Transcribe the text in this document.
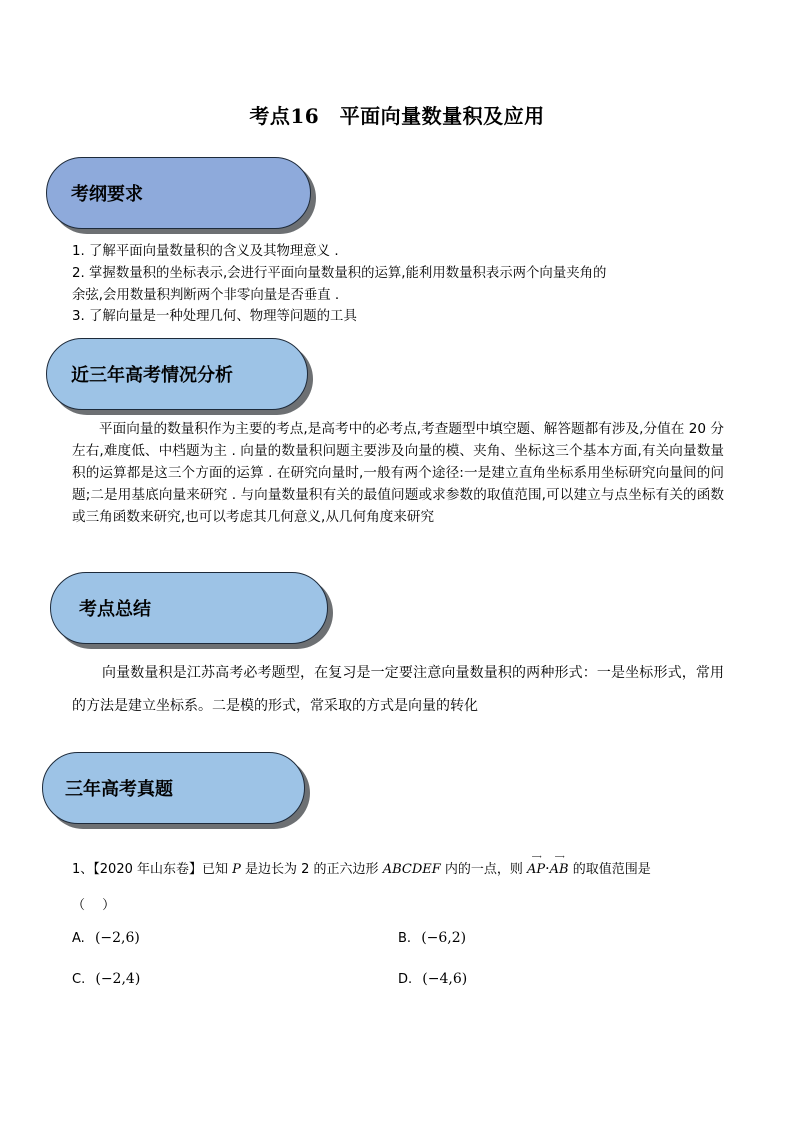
考点16　平面向量数量积及应用
考纲要求
1. 了解平面向量数量积的含义及其物理意义 .
2. 掌握数量积的坐标表示,会进行平面向量数量积的运算,能利用数量积表示两个向量夹角的
余弦,会用数量积判断两个非零向量是否垂直 .
3. 了解向量是一种处理几何、物理等问题的工具
近三年高考情况分析
平面向量的数量积作为主要的考点,是高考中的必考点,考查题型中填空题、解答题都有涉及,分值在 20 分左右,难度低、中档题为主 . 向量的数量积问题主要涉及向量的模、夹角、坐标这三个基本方面,有关向量数量积的运算都是这三个方面的运算 . 在研究向量时,一般有两个途径:一是建立直角坐标系用坐标研究向量间的问题;二是用基底向量来研究 . 与向量数量积有关的最值问题或求参数的取值范围,可以建立与点坐标有关的函数或三角函数来研究,也可以考虑其几何意义,从几何角度来研究
考点总结
向量数量积是江苏高考必考题型，在复习是一定要注意向量数量积的两种形式：一是坐标形式，常用的方法是建立坐标系。二是模的形式，常采取的方式是向量的转化
三年高考真题
1、【2020 年山东卷】已知 P 是边长为 2 的正六边形 ABCDEF 内的一点，则
⟶
AP·
⟶
AB 的取值范围是
（　 ）
A. (−2,6)	B. (−6,2)
C. (−2,4)	D. (−4,6)
